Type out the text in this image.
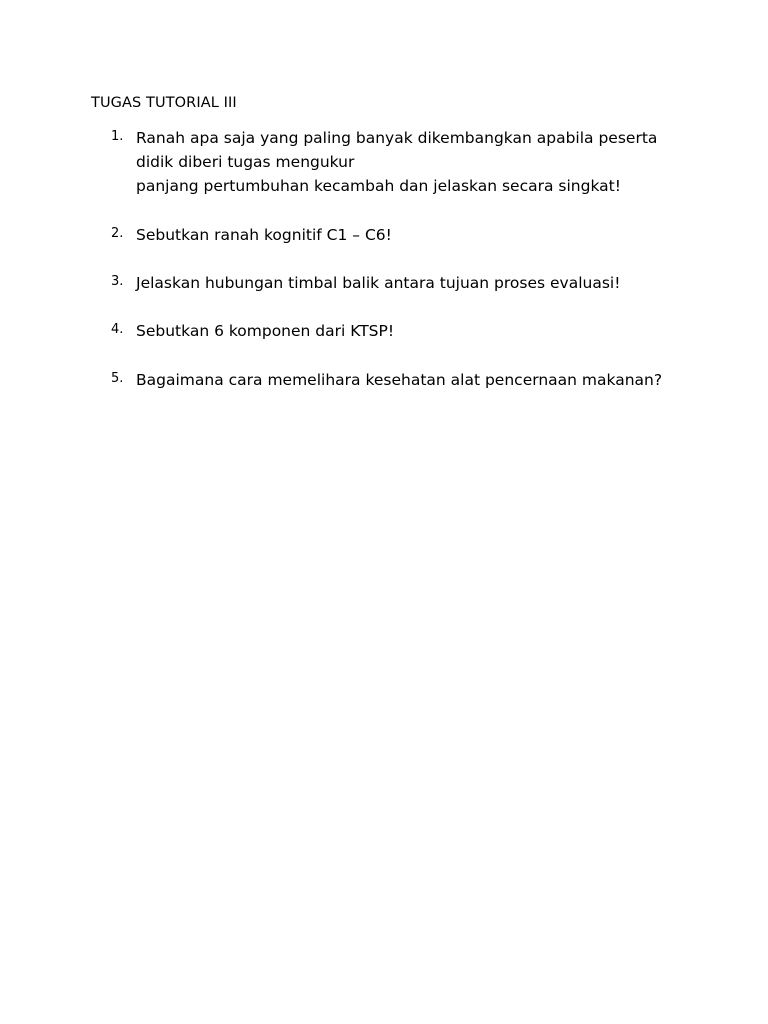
TUGAS TUTORIAL III
1. Ranah apa saja yang paling banyak dikembangkan apabila peserta
didik diberi tugas mengukur
panjang pertumbuhan kecambah dan jelaskan secara singkat!
2. Sebutkan ranah kognitif C1 – C6!
3. Jelaskan hubungan timbal balik antara tujuan proses evaluasi!
4. Sebutkan 6 komponen dari KTSP!
5. Bagaimana cara memelihara kesehatan alat pencernaan makanan?
